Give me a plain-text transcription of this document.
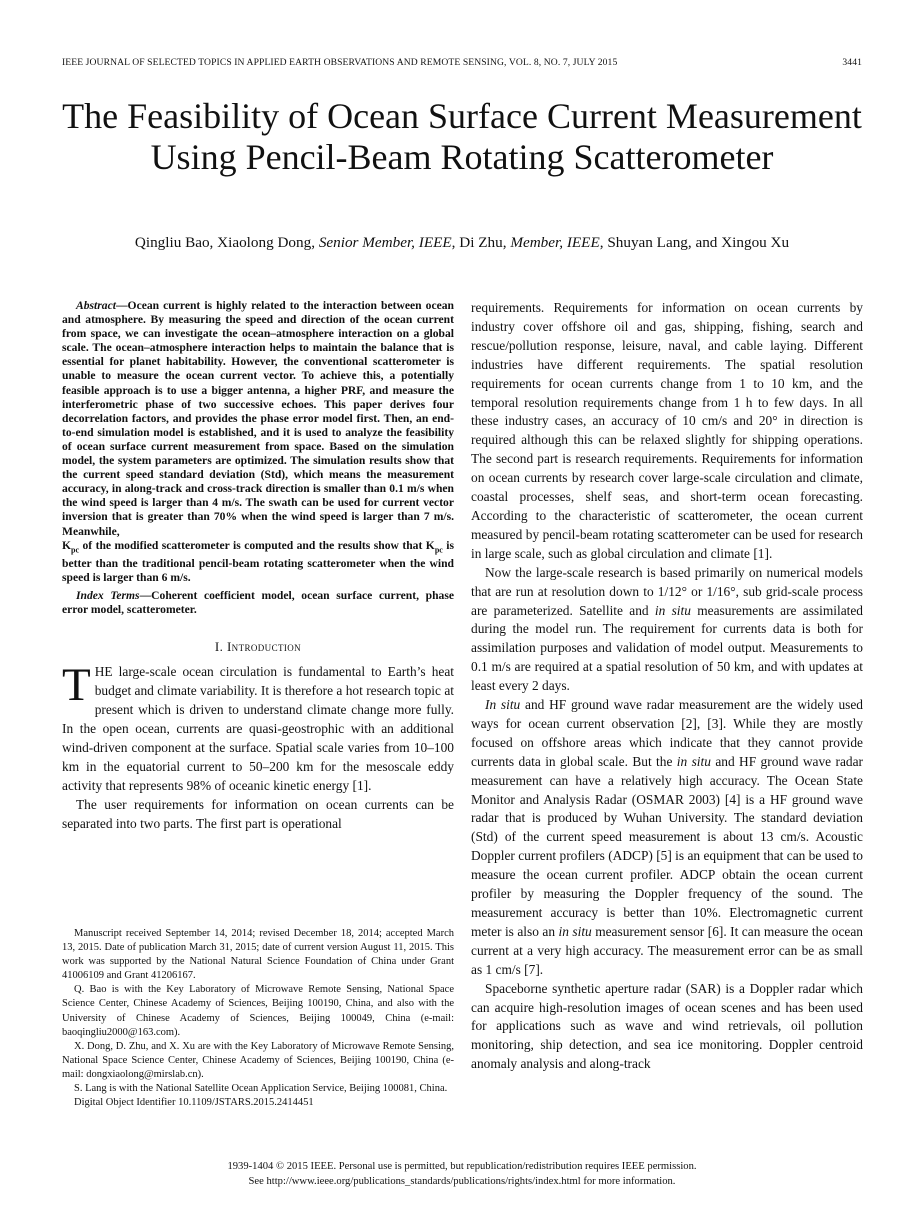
IEEE JOURNAL OF SELECTED TOPICS IN APPLIED EARTH OBSERVATIONS AND REMOTE SENSING, VOL. 8, NO. 7, JULY 2015	3441
The Feasibility of Ocean Surface Current Measurement Using Pencil-Beam Rotating Scatterometer
Qingliu Bao, Xiaolong Dong, Senior Member, IEEE, Di Zhu, Member, IEEE, Shuyan Lang, and Xingou Xu

Abstract—Ocean current is highly related to the interaction between ocean and atmosphere. By measuring the speed and direction of the ocean current from space, we can investigate the ocean–atmosphere interaction on a global scale. The ocean–atmosphere interaction helps to maintain the balance that is essential for planet habitability. However, the conventional scatterometer is unable to measure the ocean current vector. To achieve this, a potentially feasible approach is to use a bigger antenna, a higher PRF, and measure the interferometric phase of two successive echoes. This paper derives four decorrelation factors, and provides the phase error model first. Then, an end-to-end simulation model is established, and it is used to analyze the feasibility of ocean surface current measurement from space. Based on the simulation model, the system parameters are optimized. The simulation results show that the current speed standard deviation (Std), which means the measurement accuracy, in along-track and cross-track direction is smaller than 0.1 m/s when the wind speed is larger than 4 m/s. The swath can be used for current vector inversion that is greater than 70% when the wind speed is larger than 7 m/s. Meanwhile,
$K_{pc}$ of the modified scatterometer is computed and the results show that $K_{pc}$ is better than the traditional pencil-beam rotating scatterometer when the wind speed is larger than 6 m/s.

Index Terms—Coherent coefficient model, ocean surface current, phase error model, scatterometer.

I. Introduction

THE large-scale ocean circulation is fundamental to Earth’s heat budget and climate variability. It is therefore a hot research topic at present which is driven to understand climate change more fully. In the open ocean, currents are quasi-geostrophic with an additional wind-driven component at the surface. Spatial scale varies from 10–100 km in the equatorial current to 50–200 km for the mesoscale eddy activity that represents 98% of oceanic kinetic energy [1].

The user requirements for information on ocean currents can be separated into two parts. The first part is operational

Manuscript received September 14, 2014; revised December 18, 2014; accepted March 13, 2015. Date of publication March 31, 2015; date of current version August 11, 2015. This work was supported by the National Natural Science Foundation of China under Grant 41006109 and Grant 41206167.

Q. Bao is with the Key Laboratory of Microwave Remote Sensing, National Space Science Center, Chinese Academy of Sciences, Beijing 100190, China, and also with the University of Chinese Academy of Sciences, Beijing 100049, China (e-mail: baoqingliu2000@163.com).

X. Dong, D. Zhu, and X. Xu are with the Key Laboratory of Microwave Remote Sensing, National Space Science Center, Chinese Academy of Sciences, Beijing 100190, China (e-mail: dongxiaolong@mirslab.cn).

S. Lang is with the National Satellite Ocean Application Service, Beijing 100081, China.

Digital Object Identifier 10.1109/JSTARS.2015.2414451

requirements. Requirements for information on ocean currents by industry cover offshore oil and gas, shipping, fishing, search and rescue/pollution response, leisure, naval, and cable laying. Different industries have different requirements. The spatial resolution requirements for ocean currents change from 1 to 10 km, and the temporal resolution requirements change from 1 h to few days. In all these industry cases, an accuracy of 10 cm/s and 20° in direction is required although this can be relaxed slightly for shipping operations. The second part is research requirements. Requirements for information on ocean currents by research cover large-scale circulation and climate, coastal processes, shelf seas, and short-term ocean forecasting. According to the characteristic of scatterometer, the ocean current measured by pencil-beam rotating scatterometer can be used for research in large scale, such as global circulation and climate [1].

Now the large-scale research is based primarily on numerical models that are run at resolution down to 1/12° or 1/16°, sub grid-scale process are parameterized. Satellite and in situ measurements are assimilated during the model run. The requirement for currents data is both for assimilation purposes and validation of model output. Measurements to 0.1 m/s are required at a spatial resolution of 50 km, and with updates at least every 2 days.

In situ and HF ground wave radar measurement are the widely used ways for ocean current observation [2], [3]. While they are mostly focused on offshore areas which indicate that they cannot provide currents data in global scale. But the in situ and HF ground wave radar measurement can have a relatively high accuracy. The Ocean State Monitor and Analysis Radar (OSMAR 2003) [4] is a HF ground wave radar that is produced by Wuhan University. The standard deviation (Std) of the current speed measurement is about 13 cm/s. Acoustic Doppler current profilers (ADCP) [5] is an equipment that can be used to measure the ocean current profiler. ADCP obtain the ocean current profiler by measuring the Doppler frequency of the sound. The measurement accuracy is better than 10%. Electromagnetic current meter is also an in situ measurement sensor [6]. It can measure the ocean current at a very high accuracy. The measurement error can be as small as 1 cm/s [7].

Spaceborne synthetic aperture radar (SAR) is a Doppler radar which can acquire high-resolution images of ocean scenes and has been used for applications such as wave and wind retrievals, oil pollution monitoring, ship detection, and sea ice monitoring. Doppler centroid anomaly analysis and along-track

1939-1404 © 2015 IEEE. Personal use is permitted, but republication/redistribution requires IEEE permission.

See http://www.ieee.org/publications_standards/publications/rights/index.html for more information.
